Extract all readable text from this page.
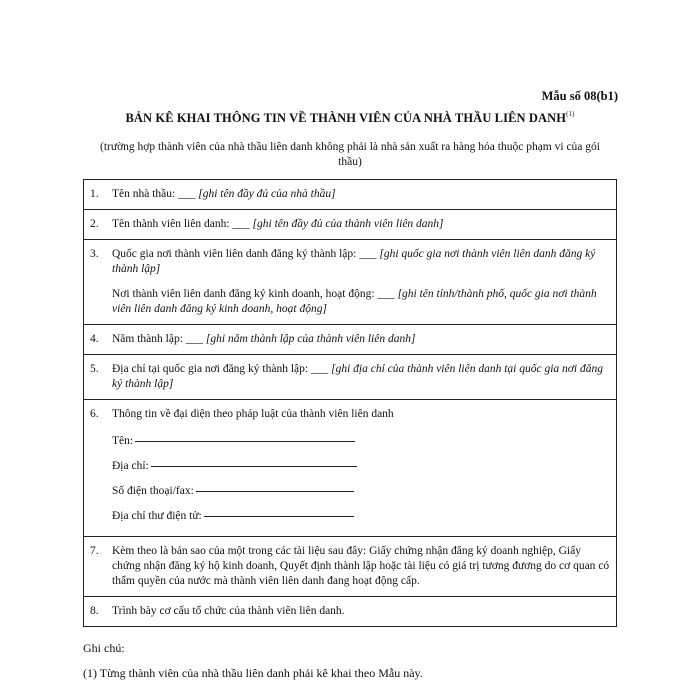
Mẫu số 08(b1)
BẢN KÊ KHAI THÔNG TIN VỀ THÀNH VIÊN CỦA NHÀ THẦU LIÊN DANH$^{(1)}$
(trường hợp thành viên của nhà thầu liên danh không phải là nhà sản xuất ra hàng hóa thuộc phạm vi của gói thầu)
1.	Tên nhà thầu: ___ [ghi tên đầy đủ của nhà thầu]

2.	Tên thành viên liên danh: ___ [ghi tên đầy đủ của thành viên liên danh]

3.	Quốc gia nơi thành viên liên danh đăng ký thành lập: ___ [ghi quốc gia nơi thành viên liên danh đăng ký thành lập]
Nơi thành viên liên danh đăng ký kinh doanh, hoạt động: ___ [ghi tên tỉnh/thành phố, quốc gia nơi thành viên liên danh đăng ký kinh doanh, hoạt động]

4.	Năm thành lập: ___ [ghi năm thành lập của thành viên liên danh]

5.	Địa chỉ tại quốc gia nơi đăng ký thành lập: ___ [ghi địa chỉ của thành viên liên danh tại quốc gia nơi đăng ký thành lập]

6.	Thông tin về đại diện theo pháp luật của thành viên liên danh
Tên:
Địa chỉ:
Số điện thoại/fax:
Địa chỉ thư điện tử:

7.	Kèm theo là bản sao của một trong các tài liệu sau đây: Giấy chứng nhận đăng ký doanh nghiệp, Giấy chứng nhận đăng ký hộ kinh doanh, Quyết định thành lập hoặc tài liệu có giá trị tương đương do cơ quan có thẩm quyền của nước mà thành viên liên danh đang hoạt động cấp.

8.	Trình bày cơ cấu tổ chức của thành viên liên danh.
Ghi chú:
(1) Từng thành viên của nhà thầu liên danh phải kê khai theo Mẫu này.
